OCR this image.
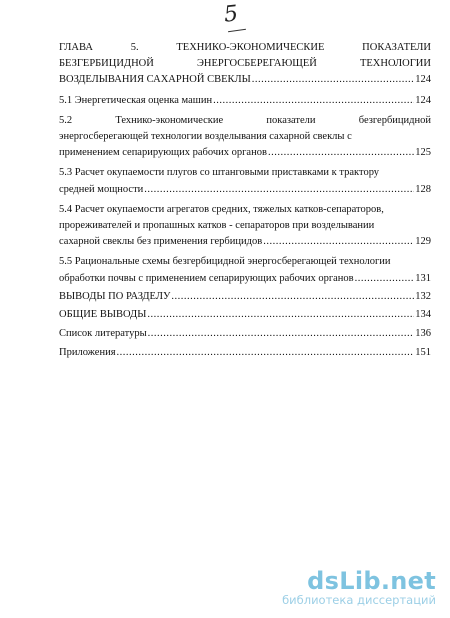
5
ГЛАВА	5.	ТЕХНИКО-ЭКОНОМИЧЕСКИЕ	ПОКАЗАТЕЛИ
БЕЗГЕРБИЦИДНОЙ	ЭНЕРГОСБЕРЕГАЮЩЕЙ	ТЕХНОЛОГИИ
ВОЗДЕЛЫВАНИЯ САХАРНОЙ СВЕКЛЫ .....	124
5.1 Энергетическая оценка машин .....	124
5.2	Технико-экономические	показатели	безгербицидной
энергосберегающей технологии возделывания сахарной свеклы с
применением сепарирующих рабочих органов .....	125
5.3 Расчет окупаемости плугов со штанговыми приставками к трактору
средней мощности .....	128
5.4 Расчет окупаемости агрегатов средних, тяжелых катков-сепараторов,
прореживателей и пропашных катков - сепараторов при возделывании
сахарной свеклы без применения гербицидов .....	129
5.5 Рациональные схемы безгербицидной энергосберегающей технологии
обработки почвы с применением сепарирующих рабочих органов .....	131
ВЫВОДЫ ПО РАЗДЕЛУ .....	132
ОБЩИЕ ВЫВОДЫ .....	134
Список литературы .....	136
Приложения .....	151
dsLib.net
библиотека диссертаций
